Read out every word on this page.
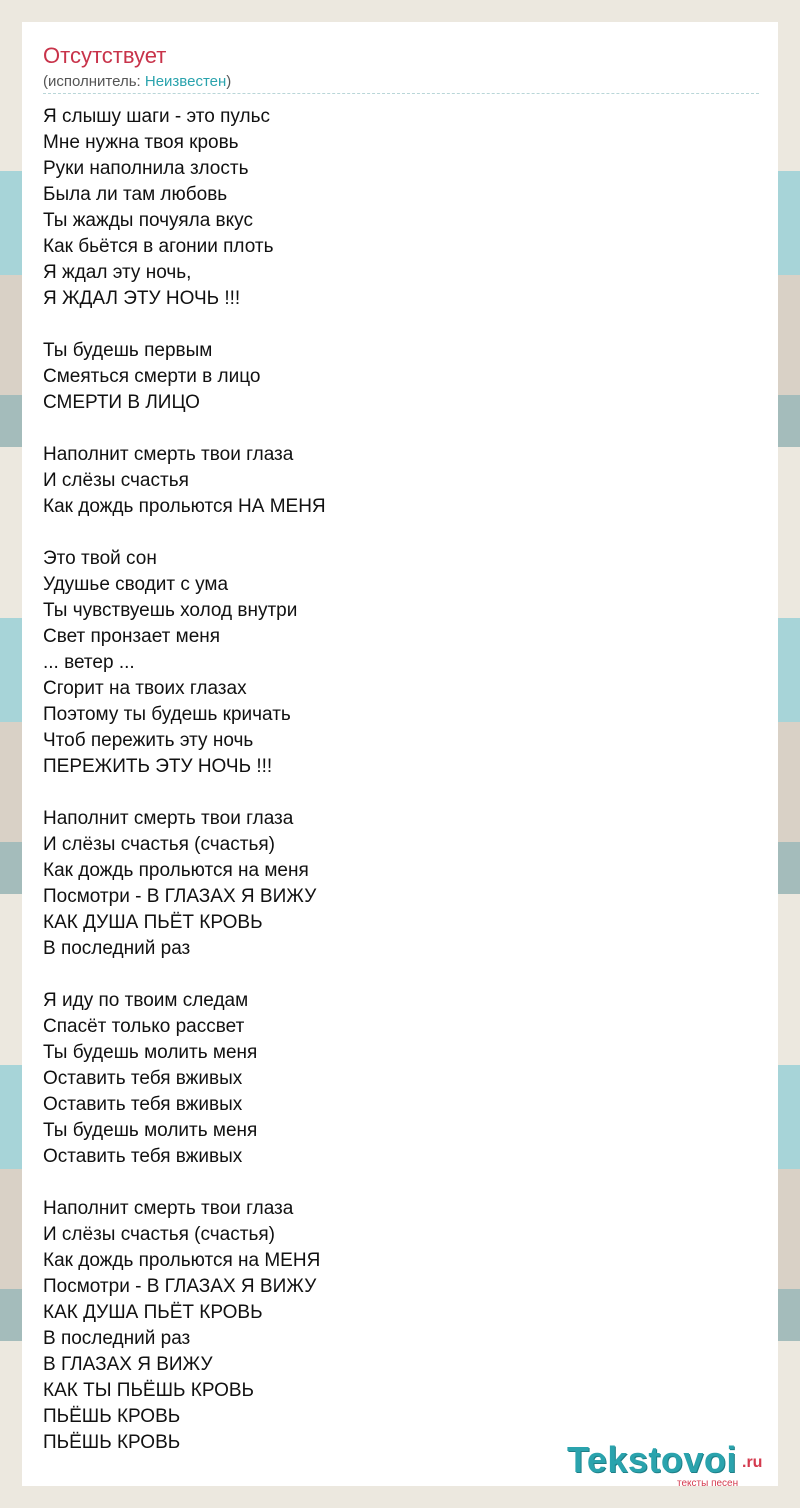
Отсутствует
(исполнитель: Неизвестен)
Я слышу шаги - это пульс
Мне нужна твоя кровь
Руки наполнила злость
Была ли там любовь
Ты жажды почуяла вкус
Как бьётся в агонии плоть
Я ждал эту ночь,
Я ЖДАЛ ЭТУ НОЧЬ !!!

Ты будешь первым
Смеяться смерти в лицо
СМЕРТИ В ЛИЦО

Наполнит смерть твои глаза
И слёзы счастья
Как дождь прольются НА МЕНЯ

Это твой сон
Удушье сводит с ума
Ты чувствуешь холод внутри
Свет пронзает меня
... ветер ...
Сгорит на твоих глазах
Поэтому ты будешь кричать
Чтоб пережить эту ночь
ПЕРЕЖИТЬ ЭТУ НОЧЬ !!!

Наполнит смерть твои глаза
И слёзы счастья (счастья)
Как дождь прольются на меня
Посмотри - В ГЛАЗАХ Я ВИЖУ
КАК ДУША ПЬЁТ КРОВЬ
В последний раз

Я иду по твоим следам
Спасёт только рассвет
Ты будешь молить меня
Оставить тебя вживых
Оставить тебя вживых
Ты будешь молить меня
Оставить тебя вживых

Наполнит смерть твои глаза
И слёзы счастья (счастья)
Как дождь прольются на МЕНЯ
Посмотри - В ГЛАЗАХ Я ВИЖУ
КАК ДУША ПЬЁТ КРОВЬ
В последний раз
В ГЛАЗАХ Я ВИЖУ
КАК ТЫ ПЬЁШЬ КРОВЬ
ПЬЁШЬ КРОВЬ
ПЬЁШЬ КРОВЬ	Tekstovoi .ru
тексты песен
